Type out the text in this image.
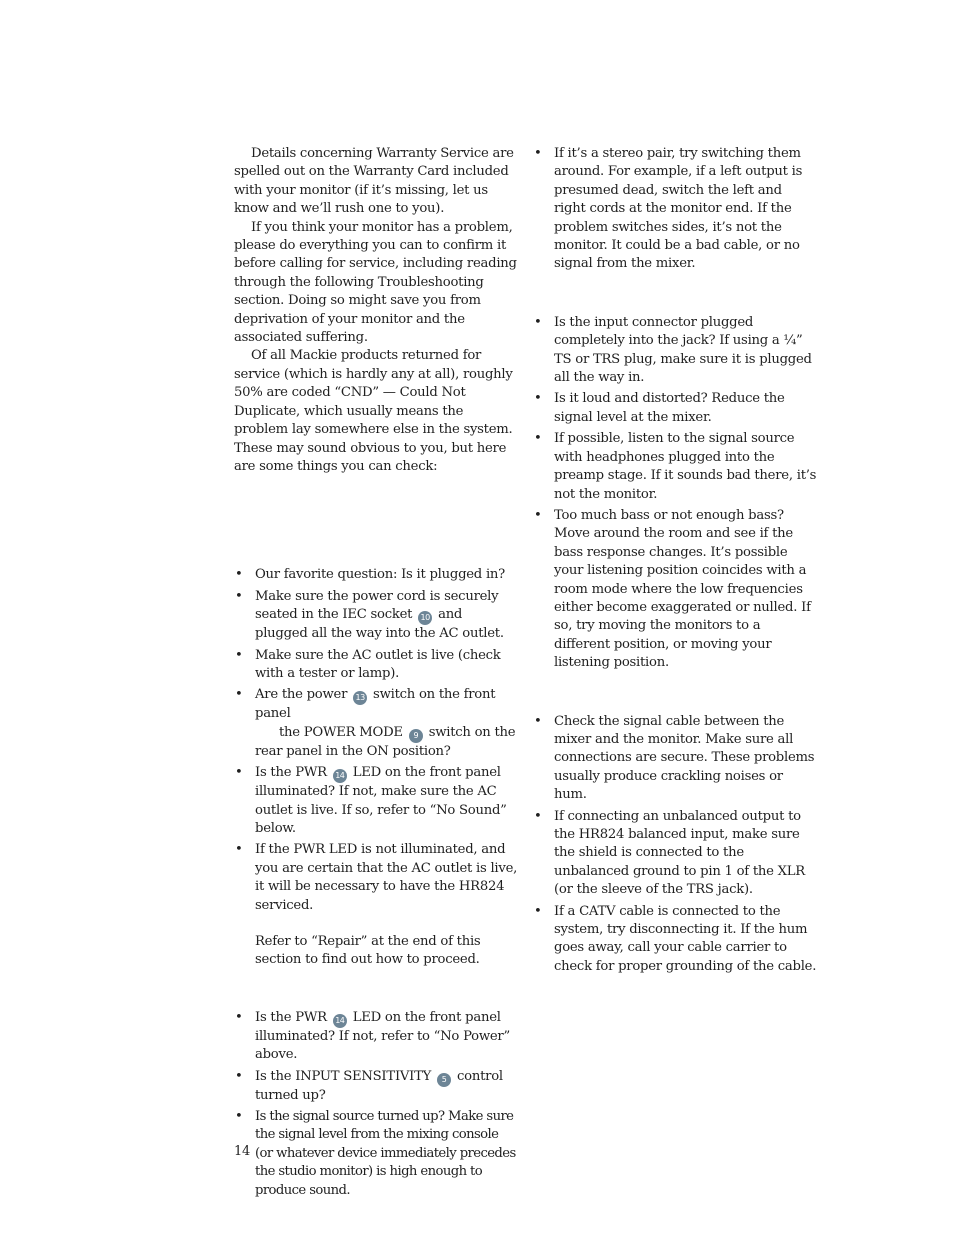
Details concerning Warranty Service are spelled out on the Warranty Card included with your monitor (if it’s missing, let us know and we’ll rush one to you).

If you think your monitor has a problem, please do everything you can to confirm it before calling for service, including reading through the following Troubleshooting section. Doing so might save you from deprivation of your monitor and the associated suffering.

Of all Mackie products returned for service (which is hardly any at all), roughly 50% are coded “CND” — Could Not Duplicate, which usually means the problem lay somewhere else in the system. These may sound obvious to you, but here are some things you can check:

• Our favorite question: Is it plugged in?
• Make sure the power cord is securely seated in the IEC socket 10 and plugged all the way into the AC outlet.
• Make sure the AC outlet is live (check with a tester or lamp).
• Are the power 13 switch on the front panel
the POWER MODE 9 switch on the rear panel in the ON position?
• Is the PWR 14 LED on the front panel illuminated? If not, make sure the AC outlet is live. If so, refer to “No Sound” below.
• If the PWR LED is not illuminated, and you are certain that the AC outlet is live, it will be necessary to have the HR824 serviced.

Refer to “Repair” at the end of this section to find out how to proceed.

• Is the PWR 14 LED on the front panel illuminated? If not, refer to “No Power” above.
• Is the INPUT SENSITIVITY 5 control turned up?
• Is the signal source turned up? Make sure the signal level from the mixing console (or whatever device immediately precedes the studio monitor) is high enough to produce sound.
• If it’s a stereo pair, try switching them around. For example, if a left output is presumed dead, switch the left and right cords at the monitor end. If the problem switches sides, it’s not the monitor. It could be a bad cable, or no signal from the mixer.
• Is the input connector plugged completely into the jack? If using a ¼” TS or TRS plug, make sure it is plugged all the way in.
• Is it loud and distorted? Reduce the signal level at the mixer.
• If possible, listen to the signal source with headphones plugged into the preamp stage. If it sounds bad there, it’s not the monitor.
• Too much bass or not enough bass? Move around the room and see if the bass response changes. It’s possible your listening position coincides with a room mode where the low frequencies either become exaggerated or nulled. If so, try moving the monitors to a different position, or moving your listening position.
• Check the signal cable between the mixer and the monitor. Make sure all connections are secure. These problems usually produce crackling noises or hum.
• If connecting an unbalanced output to the HR824 balanced input, make sure the shield is connected to the unbalanced ground to pin 1 of the XLR (or the sleeve of the TRS jack).
• If a CATV cable is connected to the system, try disconnecting it. If the hum goes away, call your cable carrier to check for proper grounding of the cable.
14
